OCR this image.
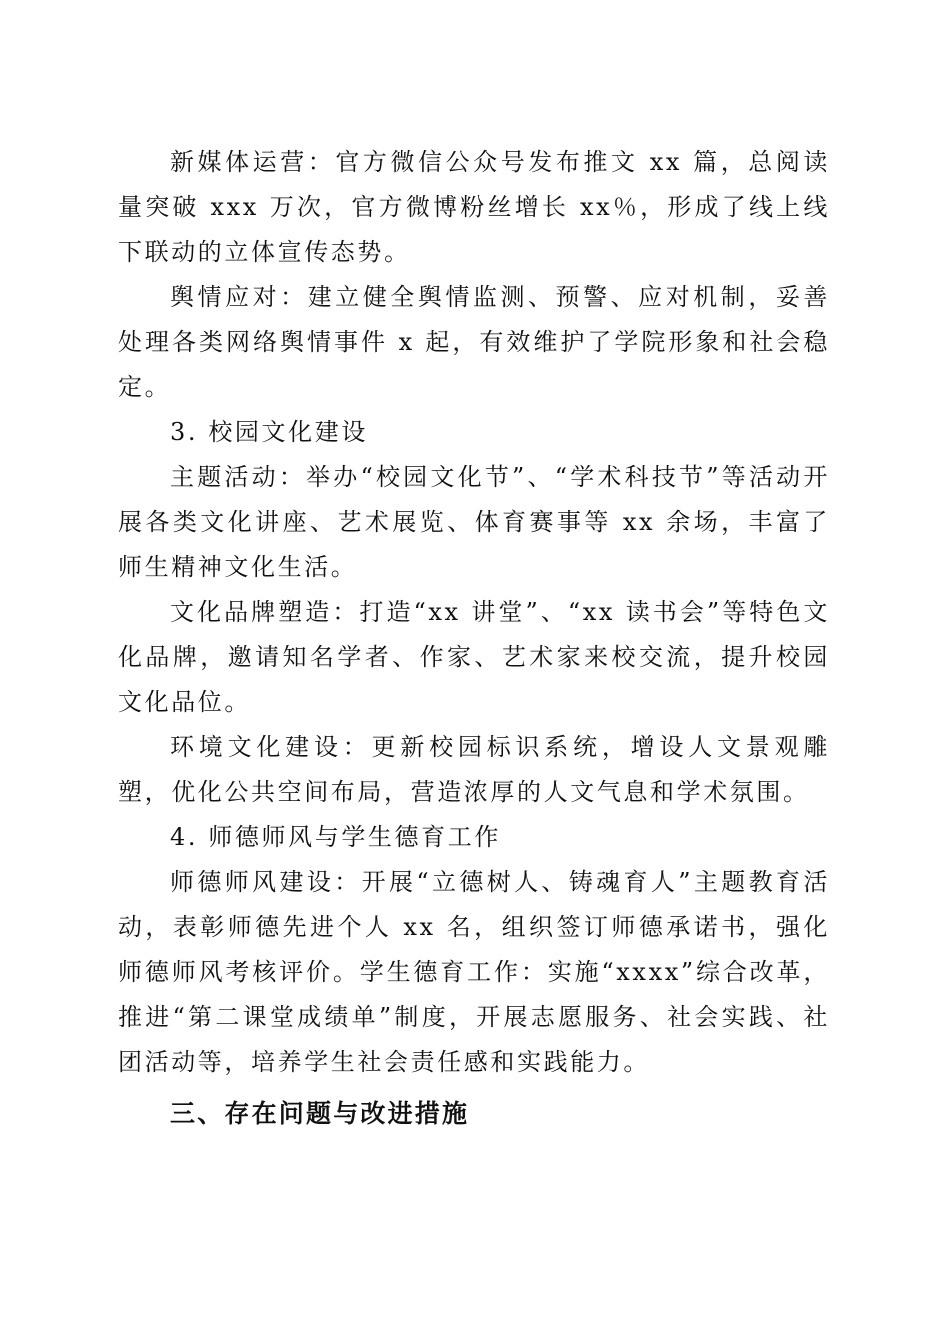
新媒体运营：官方微信公众号发布推文 xx 篇，总阅读量突破 xxx 万次，官方微博粉丝增长 xx％，形成了线上线下联动的立体宣传态势。

舆情应对：建立健全舆情监测、预警、应对机制，妥善处理各类网络舆情事件 x 起，有效维护了学院形象和社会稳定。

3. 校园文化建设

主题活动：举办“校园文化节”、“学术科技节”等活动开展各类文化讲座、艺术展览、体育赛事等 xx 余场，丰富了师生精神文化生活。

文化品牌塑造：打造“xx 讲堂”、“xx 读书会”等特色文化品牌，邀请知名学者、作家、艺术家来校交流，提升校园文化品位。

环境文化建设：更新校园标识系统，增设人文景观雕塑，优化公共空间布局，营造浓厚的人文气息和学术氛围。

4. 师德师风与学生德育工作

师德师风建设：开展“立德树人、铸魂育人”主题教育活动，表彰师德先进个人 xx 名，组织签订师德承诺书，强化师德师风考核评价。学生德育工作：实施“xxxx”综合改革，推进“第二课堂成绩单”制度，开展志愿服务、社会实践、社团活动等，培养学生社会责任感和实践能力。

三、存在问题与改进措施
